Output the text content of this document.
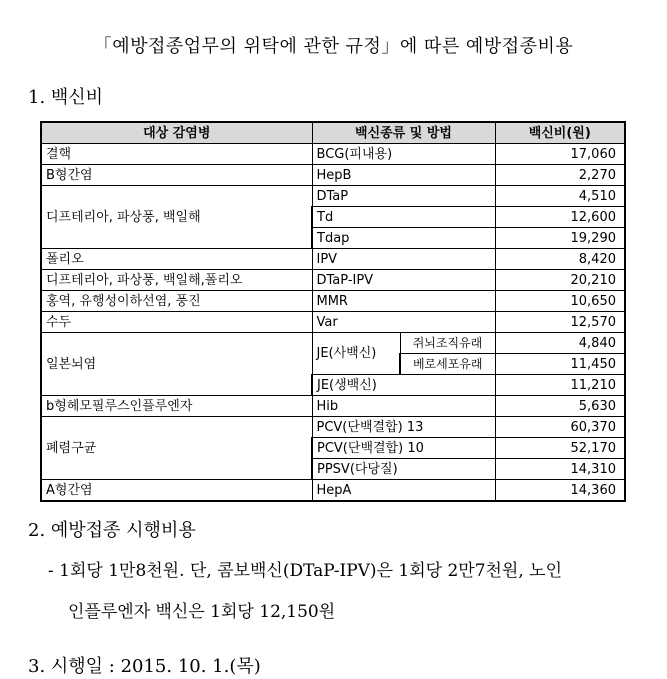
「예방접종업무의 위탁에 관한 규정」에 따른 예방접종비용
1. 백신비
대상 감염병	백신종류 및 방법		백신비(원)
결핵	BCG(피내용)		17,060
B형간염	HepB		2,270
디프테리아, 파상풍, 백일해	DTaP		4,510
	Td		12,600
	Tdap		19,290
폴리오	IPV		8,420
디프테리아, 파상풍, 백일해,폴리오	DTaP-IPV		20,210
홍역, 유행성이하선염, 풍진	MMR		10,650
수두	Var		12,570
일본뇌염	JE(사백신)	쥐뇌조직유래	4,840
		베로세포유래	11,450
	JE(생백신)		11,210
b형헤모필루스인플루엔자	Hib		5,630
폐렴구균	PCV(단백결합) 13		60,370
	PCV(단백결합) 10		52,170
	PPSV(다당질)		14,310
A형간염	HepA		14,360
2. 예방접종 시행비용
- 1회당 1만8천원. 단, 콤보백신(DTaP-IPV)은 1회당 2만7천원, 노인
인플루엔자 백신은 1회당 12,150원
3. 시행일 : 2015. 10. 1.(목)
